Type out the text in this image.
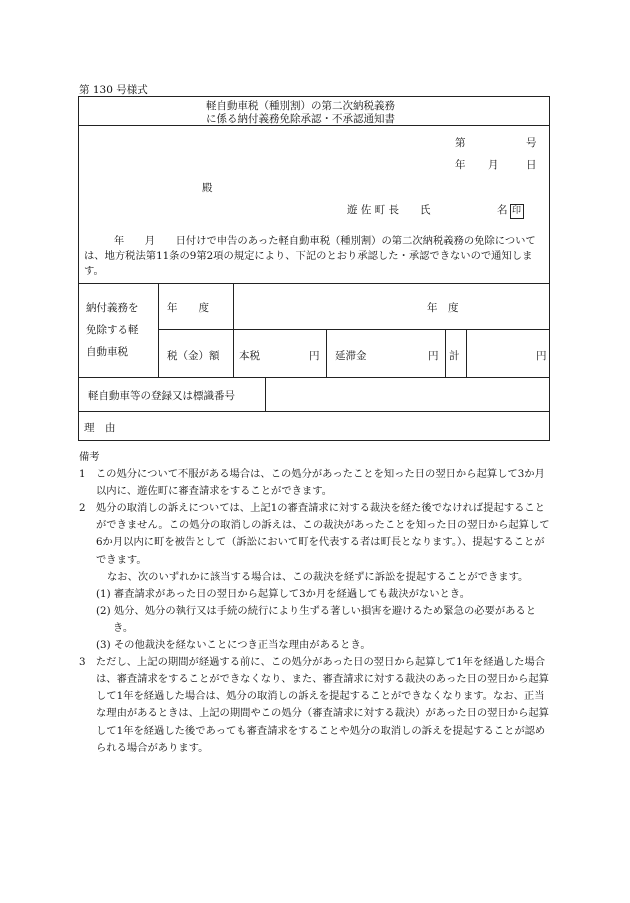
第 130 号様式
軽自動車税（種別割）の第二次納税義務
に係る納付義務免除承認・不承認通知書
第	号
年 月	日
殿
遊 佐 町 長　　氏	名 印
年　　月　　日付けで申告のあった軽自動車税（種別割）の第二次納税義務の免除については、地方税法第11条の9第2項の規定により、下記のとおり承認した・承認できないので通知します。
納付義務を
免除する軽
自動車税
年　　度	年　度
税（金）額 本税	円 延滞金	円 計	円
軽自動車等の登録又は標識番号
理　由

備考

1　この処分について不服がある場合は、この処分があったことを知った日の翌日から起算して3か月以内に、遊佐町に審査請求をすることができます。

2　処分の取消しの訴えについては、上記1の審査請求に対する裁決を経た後でなければ提起することができません。この処分の取消しの訴えは、この裁決があったことを知った日の翌日から起算して6か月以内に町を被告として（訴訟において町を代表する者は町長となります。）、提起することができます。

なお、次のいずれかに該当する場合は、この裁決を経ずに訴訟を提起することができます。

(1) 審査請求があった日の翌日から起算して3か月を経過しても裁決がないとき。

(2) 処分、処分の執行又は手続の続行により生ずる著しい損害を避けるため緊急の必要があるとき。

(3) その他裁決を経ないことにつき正当な理由があるとき。

3　ただし、上記の期間が経過する前に、この処分があった日の翌日から起算して1年を経過した場合は、審査請求をすることができなくなり、また、審査請求に対する裁決のあった日の翌日から起算して1年を経過した場合は、処分の取消しの訴えを提起することができなくなります。なお、正当な理由があるときは、上記の期間やこの処分（審査請求に対する裁決）があった日の翌日から起算して1年を経過した後であっても審査請求をすることや処分の取消しの訴えを提起することが認められる場合があります。
